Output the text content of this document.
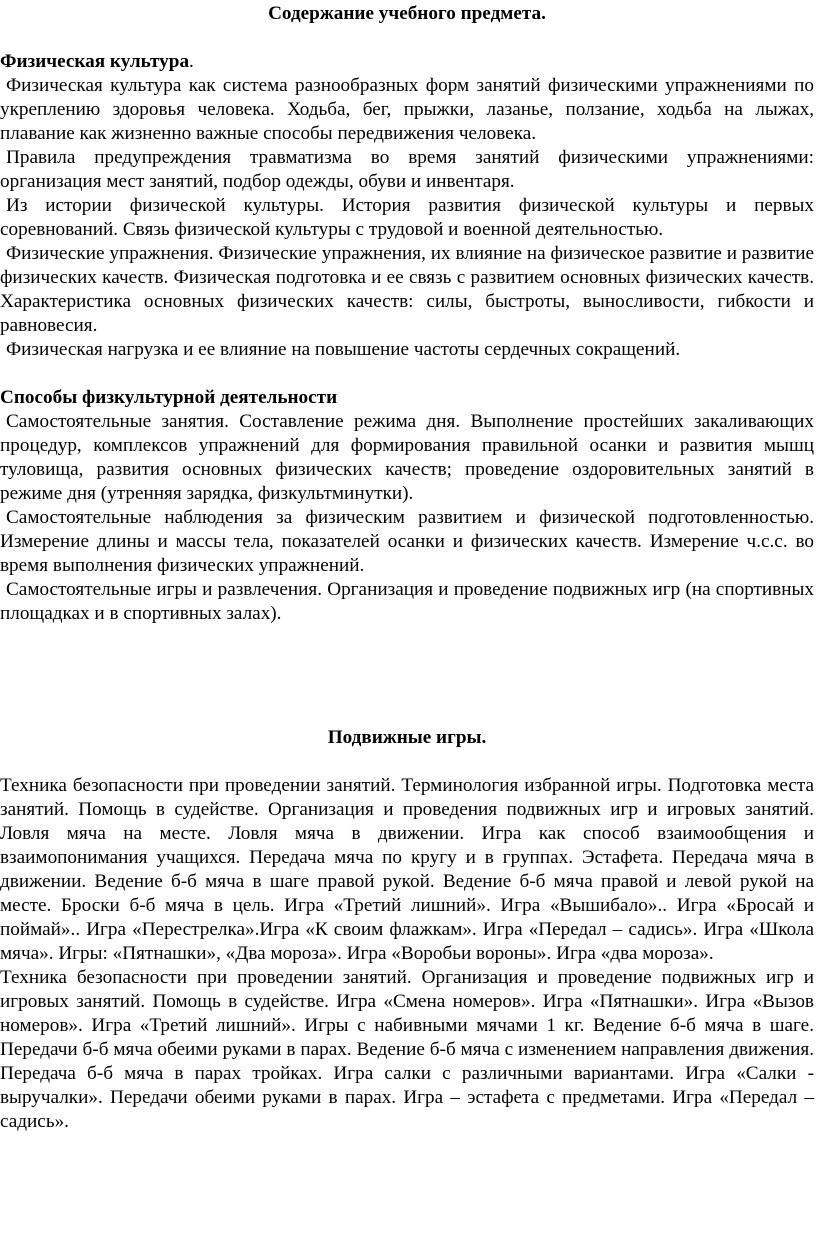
Содержание учебного предмета.

Физическая культура.

Физическая культура как система разнообразных форм занятий физическими упражнениями по укреплению здоровья человека. Ходьба, бег, прыжки, лазанье, ползание, ходьба на лыжах, плавание как жизненно важные способы передвижения человека.

Правила предупреждения травматизма во время занятий физическими упражнениями: организация мест занятий, подбор одежды, обуви и инвентаря.

Из истории физической культуры. История развития физической культуры и первых соревнований. Связь физической культуры с трудовой и военной деятельностью.

Физические упражнения. Физические упражнения, их влияние на физическое развитие и развитие физических качеств. Физическая подготовка и ее связь с развитием основных физических качеств. Характеристика основных физических качеств: силы, быстроты, выносливости, гибкости и равновесия.

Физическая нагрузка и ее влияние на повышение частоты сердечных сокращений.

Способы физкультурной деятельности

Самостоятельные занятия. Составление режима дня. Выполнение простейших закаливающих процедур, комплексов упражнений для формирования правильной осанки и развития мышц туловища, развития основных физических качеств; проведение оздоровительных занятий в режиме дня (утренняя зарядка, физкультминутки).

Самостоятельные наблюдения за физическим развитием и физической подготовленностью. Измерение длины и массы тела, показателей осанки и физических качеств. Измерение ч.с.с. во время выполнения физических упражнений.

Самостоятельные игры и развлечения. Организация и проведение подвижных игр (на спортивных площадках и в спортивных залах).

Подвижные игры.

Техника безопасности при проведении занятий. Терминология избранной игры. Подготовка места занятий. Помощь в судействе. Организация и проведения подвижных игр и игровых занятий. Ловля мяча на месте. Ловля мяча в движении. Игра как способ взаимообщения и взаимопонимания учащихся. Передача мяча по кругу и в группах. Эстафета. Передача мяча в движении. Ведение б-б мяча в шаге правой рукой. Ведение б-б мяча правой и левой рукой на месте. Броски б-б мяча в цель. Игра «Третий лишний». Игра «Вышибало».. Игра «Бросай и поймай».. Игра «Перестрелка».Игра «К своим флажкам». Игра «Передал – садись». Игра «Школа мяча». Игры: «Пятнашки», «Два мороза». Игра «Воробьи вороны». Игра «два мороза».

Техника безопасности при проведении занятий. Организация и проведение подвижных игр и игровых занятий. Помощь в судействе. Игра «Смена номеров». Игра «Пятнашки». Игра «Вызов номеров». Игра «Третий лишний». Игры с набивными мячами 1 кг. Ведение б-б мяча в шаге. Передачи б-б мяча обеими руками в парах. Ведение б-б мяча с изменением направления движения. Передача б-б мяча в парах тройках. Игра салки с различными вариантами. Игра «Салки - выручалки». Передачи обеими руками в парах. Игра – эстафета с предметами. Игра «Передал – садись».
